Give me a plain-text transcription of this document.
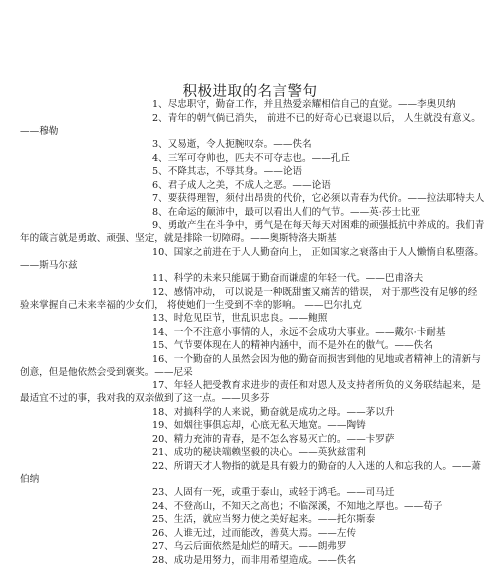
积极进取的名言警句
1、尽忠职守，勤奋工作，并且热爱亲耀相信自己的直觉。——李奥贝纳
2、青年的朝气倘已消失， 前进不已的好奇心已衰退以后， 人生就没有意义。——穆勒
3、又易逝，令人扼腕叹奈。——佚名
4、三军可夺帅也，匹夫不可夺志也。——孔丘
5、不降其志，不辱其身。——论语
6、君子成人之美，不成人之恶。——论语
7、要获得理智，须付出昂贵的代价，它必须以青春为代价。——拉法耶特夫人
8、在命运的颠沛中，最可以看出人们的气节。——英·莎士比亚
9、勇敢产生在斗争中，勇气是在每天每天对困难的顽强抵抗中养成的。我们青年的箴言就是勇敢、顽强、坚定，就是排除一切障碍。——奥斯特洛夫斯基
10、国家之前进在于人人勤奋向上， 正如国家之衰落由于人人懒惰自私堕落。——斯马尔兹
11、科学的未来只能属于勤奋而谦虚的年轻一代。——巴甫洛夫
12、感情冲动， 可以说是一种既甜蜜又痛苦的错误， 对于那些没有足够的经验来掌握自己未来幸福的少女们， 将使她们一生受到不幸的影响。 ——巴尔扎克
13、时危见臣节，世乱识忠良。——鲍照
14、一个不注意小事情的人，永远不会成功大事业。——戴尔·卡耐基
15、气节要体现在人的精神内涵中，而不是外在的傲气。——佚名
16、一个勤奋的人虽然会因为他的勤奋而损害到他的见地或者精神上的清新与创意，但是他依然会受到褒奖。——尼采
17、年轻人把受教育求进步的责任和对恩人及支持者所负的义务联结起来，是最适宜不过的事，我对我的双亲做到了这一点。——贝多芬
18、对搞科学的人来说，勤奋就是成功之母。——茅以升
19、如烟往事俱忘却，心底无私天地宽。——陶铸
20、精力充沛的青春，是不怎么容易灭亡的。——卡罗萨
21、成功的秘诀端赖坚毅的决心。——英狄兹雷利
22、所谓天才人物指的就是具有毅力的勤奋的人入迷的人和忘我的人。——萧伯纳
23、人固有一死，或重于泰山，或轻于鸿毛。——司马迁
24、不登高山，不知天之高也；不临深溪，不知地之厚也。——荀子
25、生活，就应当努力使之美好起来。——托尔斯泰
26、人谁无过，过而能改，善莫大焉。——左传
27、乌云后面依然是灿烂的晴天。——朗弗罗
28、成功是用努力，而非用希望造成。——佚名
